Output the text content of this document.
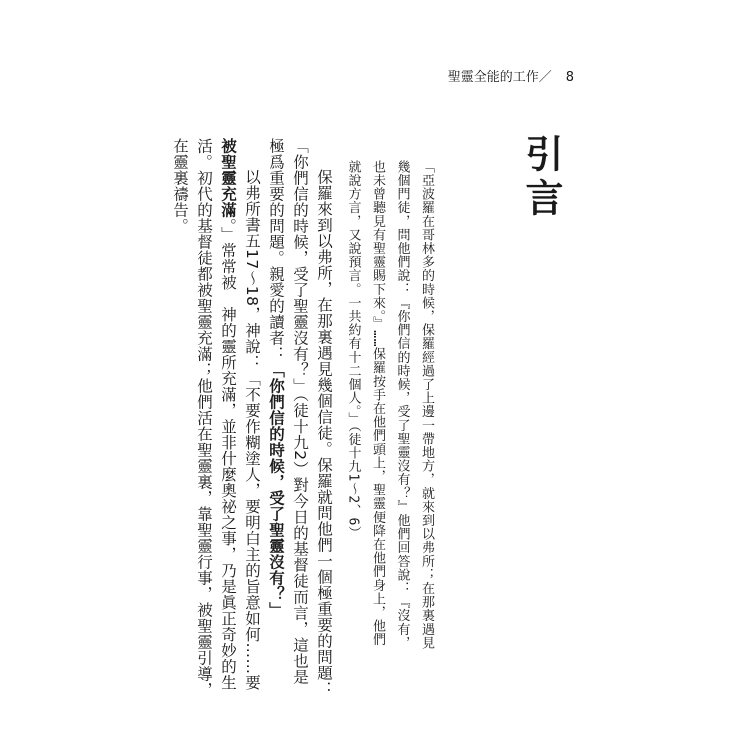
聖靈全能的工作／ 8
引言
「亞波羅在哥林多的時候，保羅經過了上邊一帶地方，就來到以弗所；在那裏遇見幾個門徒，問他們說：『你們信的時候，受了聖靈沒有？』他們回答說：『沒有，也未曾聽見有聖靈賜下來。』……保羅按手在他們頭上，聖靈便降在他們身上，他們就說方言，又說預言。一共約有十二個人。」（徒十九1～2、6）

保羅來到以弗所，在那裏遇見幾個信徒。保羅就問他們一個極重要的問題：「你們信的時候，受了聖靈沒有？」（徒十九2）對今日的基督徒而言，這也是極爲重要的問題。親愛的讀者：「你們信的時候，受了聖靈沒有？」

以弗所書五17～18，神說：「不要作糊塗人，要明白主的旨意如何……要被聖靈充滿。」常常被　神的靈所充滿，並非什麼奧祕之事，乃是眞正奇妙的生活。初代的基督徒都被聖靈充滿；他們活在聖靈裏，靠聖靈行事，被聖靈引導，在靈裏禱告。
